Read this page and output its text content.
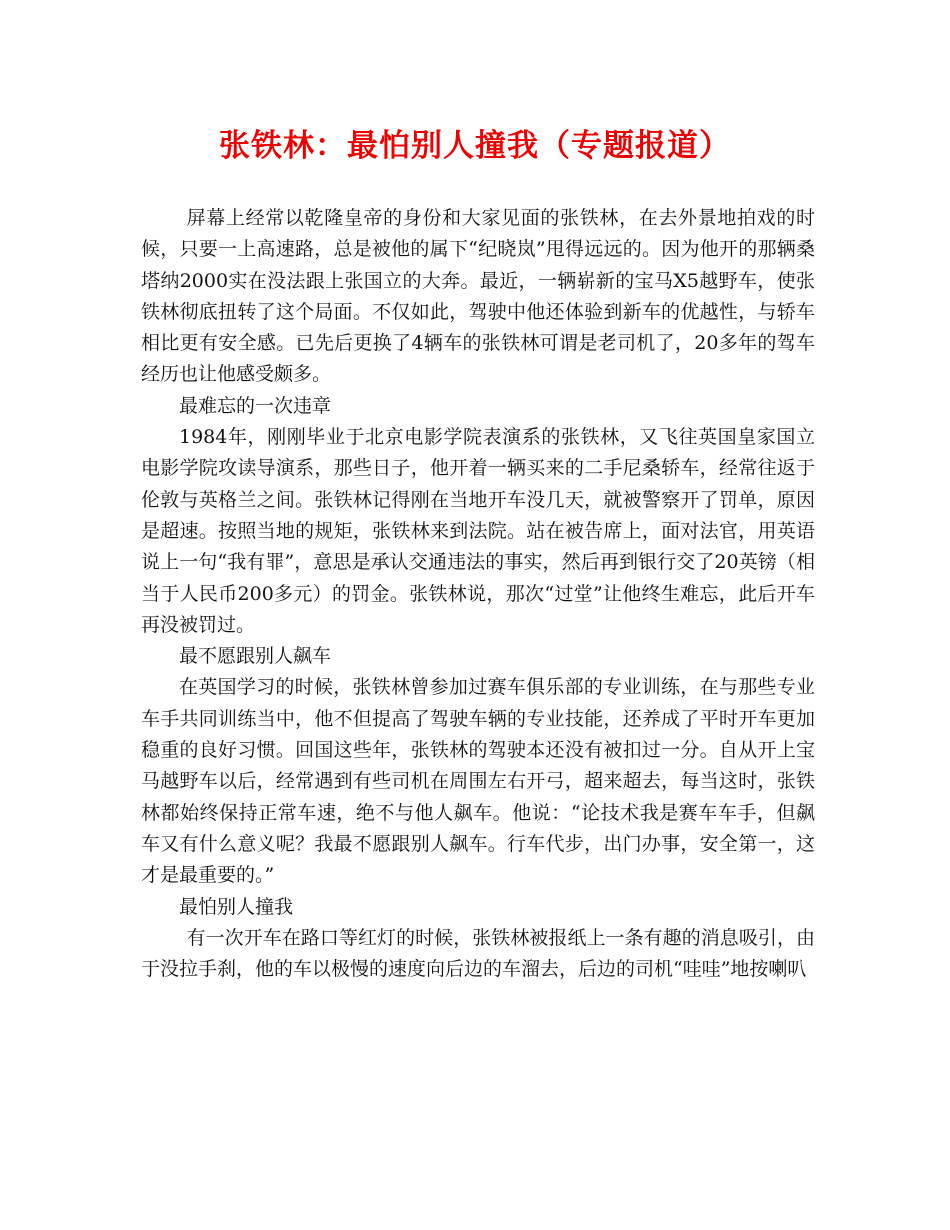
张铁林：最怕别人撞我（专题报道）

屏幕上经常以乾隆皇帝的身份和大家见面的张铁林，在去外景地拍戏的时候，只要一上高速路，总是被他的属下“纪晓岚”甩得远远的。因为他开的那辆桑塔纳2000实在没法跟上张国立的大奔。最近，一辆崭新的宝马X5越野车，使张铁林彻底扭转了这个局面。不仅如此，驾驶中他还体验到新车的优越性，与轿车相比更有安全感。已先后更换了4辆车的张铁林可谓是老司机了，20多年的驾车经历也让他感受颇多。

最难忘的一次违章

1984年，刚刚毕业于北京电影学院表演系的张铁林，又飞往英国皇家国立电影学院攻读导演系，那些日子，他开着一辆买来的二手尼桑轿车，经常往返于伦敦与英格兰之间。张铁林记得刚在当地开车没几天，就被警察开了罚单，原因是超速。按照当地的规矩，张铁林来到法院。站在被告席上，面对法官，用英语说上一句“我有罪”，意思是承认交通违法的事实，然后再到银行交了20英镑（相当于人民币200多元）的罚金。张铁林说，那次“过堂”让他终生难忘，此后开车再没被罚过。

最不愿跟别人飙车

在英国学习的时候，张铁林曾参加过赛车俱乐部的专业训练，在与那些专业车手共同训练当中，他不但提高了驾驶车辆的专业技能，还养成了平时开车更加稳重的良好习惯。回国这些年，张铁林的驾驶本还没有被扣过一分。自从开上宝马越野车以后，经常遇到有些司机在周围左右开弓，超来超去，每当这时，张铁林都始终保持正常车速，绝不与他人飙车。他说：“论技术我是赛车车手，但飙车又有什么意义呢？我最不愿跟别人飙车。行车代步，出门办事，安全第一，这才是最重要的。”

最怕别人撞我

有一次开车在路口等红灯的时候，张铁林被报纸上一条有趣的消息吸引，由于没拉手刹，他的车以极慢的速度向后边的车溜去，后边的司机“哇哇”地按喇叭
